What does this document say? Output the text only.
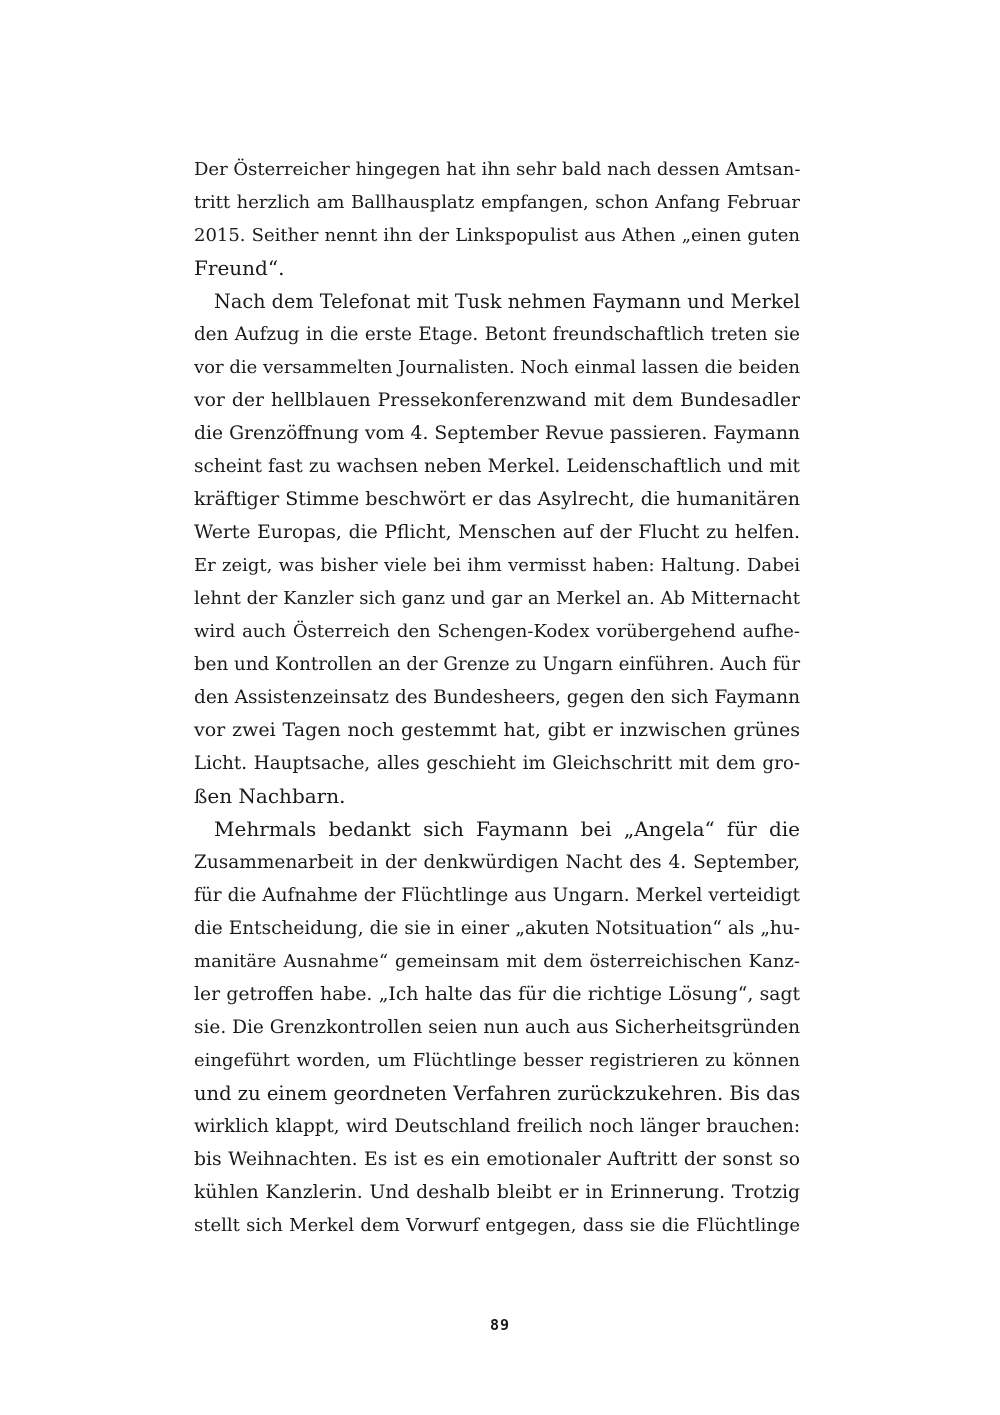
Der Österreicher hingegen hat ihn sehr bald nach dessen Amtsan-
tritt herzlich am Ballhausplatz empfangen, schon Anfang Februar
2015. Seither nennt ihn der Linkspopulist aus Athen „einen guten
Freund“.
Nach dem Telefonat mit Tusk nehmen Faymann und Merkel
den Aufzug in die erste Etage. Betont freundschaftlich treten sie
vor die versammelten Journalisten. Noch einmal lassen die beiden
vor der hellblauen Pressekonferenzwand mit dem Bundesadler
die Grenzöffnung vom 4. September Revue passieren. Faymann
scheint fast zu wachsen neben Merkel. Leidenschaftlich und mit
kräftiger Stimme beschwört er das Asylrecht, die humanitären
Werte Europas, die Pflicht, Menschen auf der Flucht zu helfen.
Er zeigt, was bisher viele bei ihm vermisst haben: Haltung. Dabei
lehnt der Kanzler sich ganz und gar an Merkel an. Ab Mitternacht
wird auch Österreich den Schengen-Kodex vorübergehend aufhe-
ben und Kontrollen an der Grenze zu Ungarn einführen. Auch für
den Assistenzeinsatz des Bundesheers, gegen den sich Faymann
vor zwei Tagen noch gestemmt hat, gibt er inzwischen grünes
Licht. Hauptsache, alles geschieht im Gleichschritt mit dem gro-
ßen Nachbarn.
Mehrmals bedankt sich Faymann bei „Angela“ für die
Zusammenarbeit in der denkwürdigen Nacht des 4. September,
für die Aufnahme der Flüchtlinge aus Ungarn. Merkel verteidigt
die Entscheidung, die sie in einer „akuten Notsituation“ als „hu-
manitäre Ausnahme“ gemeinsam mit dem österreichischen Kanz-
ler getroffen habe. „Ich halte das für die richtige Lösung“, sagt
sie. Die Grenzkontrollen seien nun auch aus Sicherheitsgründen
eingeführt worden, um Flüchtlinge besser registrieren zu können
und zu einem geordneten Verfahren zurückzukehren. Bis das
wirklich klappt, wird Deutschland freilich noch länger brauchen:
bis Weihnachten. Es ist es ein emotionaler Auftritt der sonst so
kühlen Kanzlerin. Und deshalb bleibt er in Erinnerung. Trotzig
stellt sich Merkel dem Vorwurf entgegen, dass sie die Flüchtlinge
89
